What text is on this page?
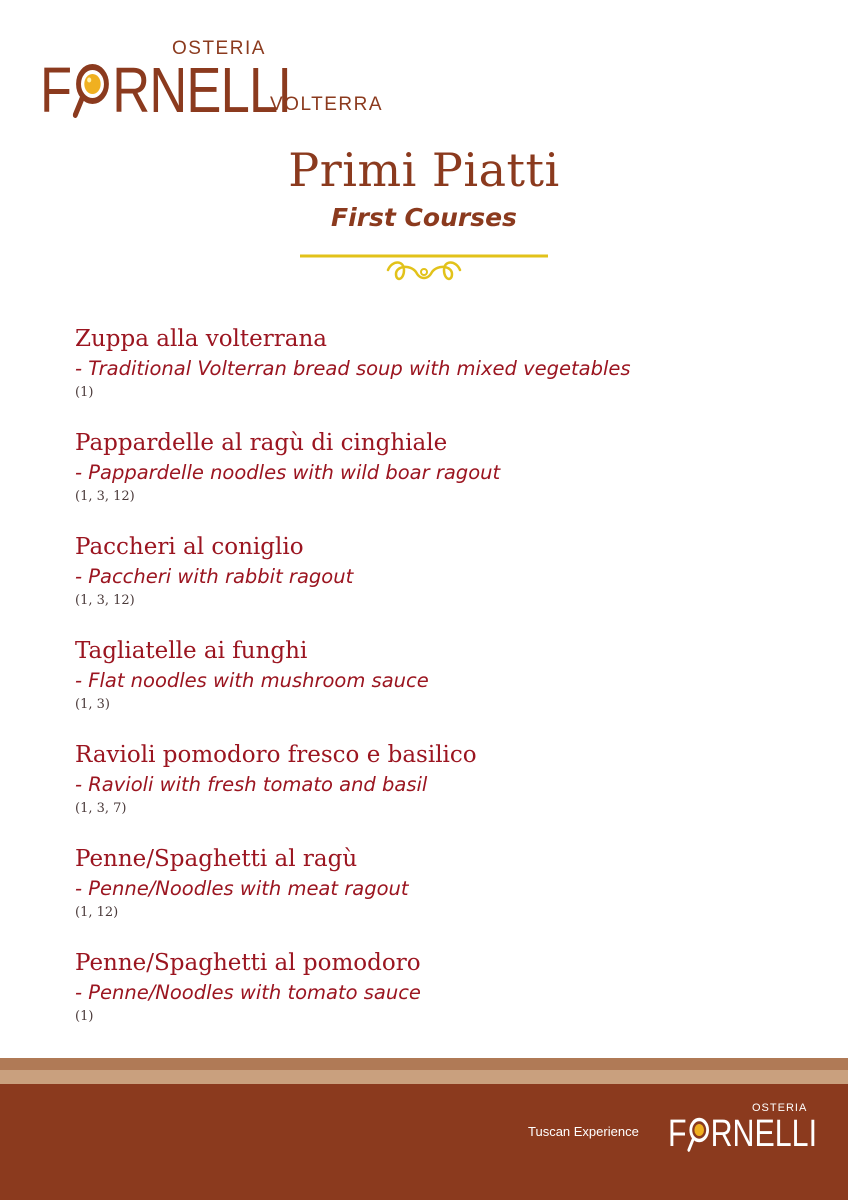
OSTERIA
F RNELLI
VOLTERRA
Primi Piatti
First Courses
Zuppa alla volterrana
- Traditional Volterran bread soup with mixed vegetables
(1)
Pappardelle al ragù di cinghiale
- Pappardelle noodles with wild boar ragout
(1, 3, 12)
Paccheri al coniglio
- Paccheri with rabbit ragout
(1, 3, 12)
Tagliatelle ai funghi
- Flat noodles with mushroom sauce
(1, 3)
Ravioli pomodoro fresco e basilico
- Ravioli with fresh tomato and basil
(1, 3, 7)
Penne/Spaghetti al ragù
- Penne/Noodles with meat ragout
(1, 12)
Penne/Spaghetti al pomodoro
- Penne/Noodles with tomato sauce
(1)
Tuscan Experience
OSTERIA
F RNELLI
